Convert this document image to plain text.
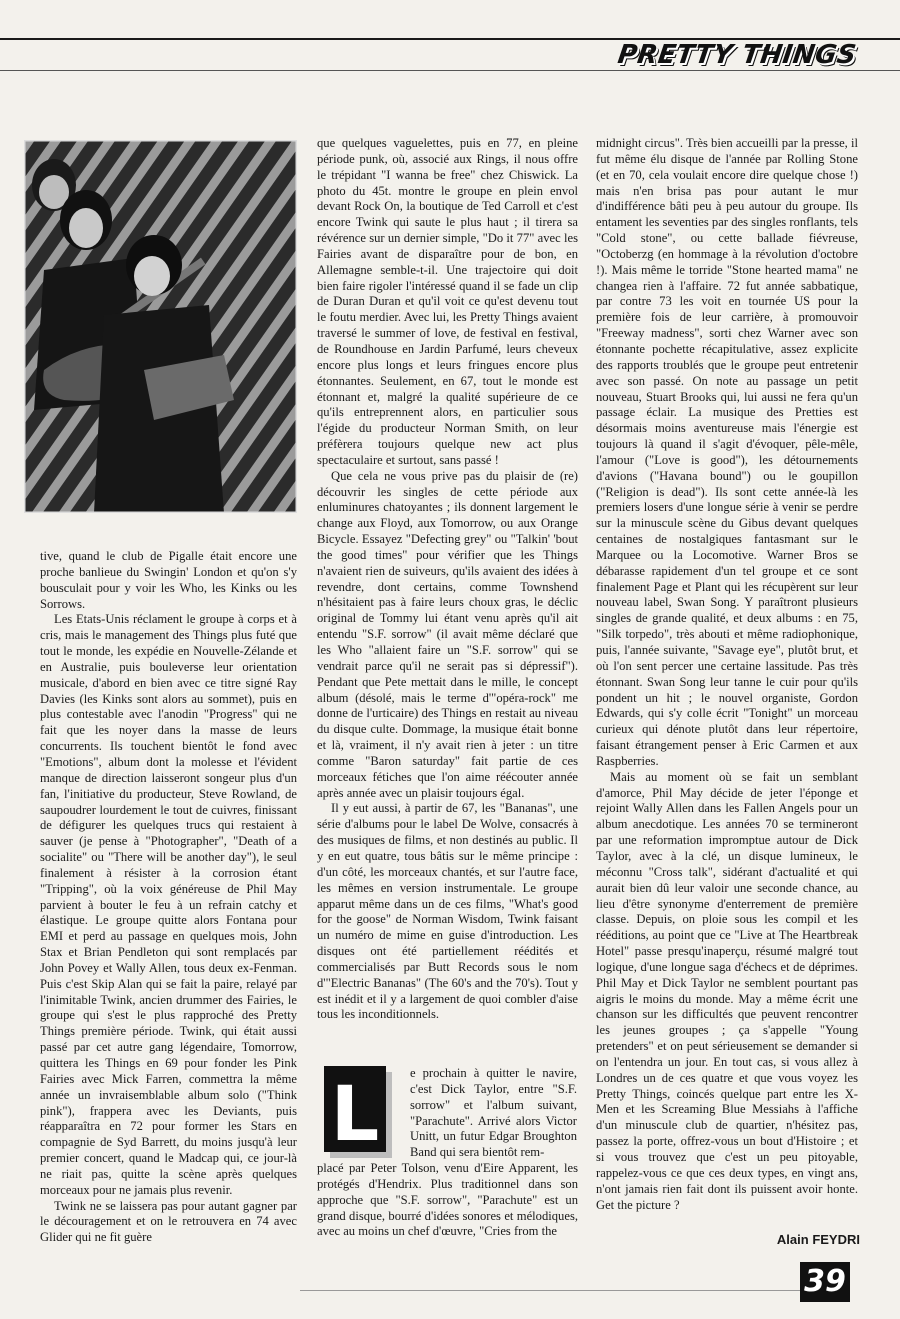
PRETTY THINGS

tive, quand le club de Pigalle était encore une proche banlieue du Swingin' London et qu'on s'y bousculait pour y voir les Who, les Kinks ou les Sorrows.

Les Etats-Unis réclament le groupe à corps et à cris, mais le management des Things plus futé que tout le monde, les expédie en Nouvelle-Zélande et en Australie, puis bouleverse leur orientation musicale, d'abord en bien avec ce titre signé Ray Davies (les Kinks sont alors au sommet), puis en plus contestable avec l'anodin "Progress" qui ne fait que les noyer dans la masse de leurs concurrents. Ils touchent bientôt le fond avec "Emotions", album dont la molesse et l'évident manque de direction laisseront songeur plus d'un fan, l'initiative du producteur, Steve Rowland, de saupoudrer lourdement le tout de cuivres, finissant de défigurer les quelques trucs qui restaient à sauver (je pense à "Photographer", "Death of a socialite" ou "There will be another day"), le seul finalement à résister à la corrosion étant "Tripping", où la voix généreuse de Phil May parvient à bouter le feu à un refrain catchy et élastique. Le groupe quitte alors Fontana pour EMI et perd au passage en quelques mois, John Stax et Brian Pendleton qui sont remplacés par John Povey et Wally Allen, tous deux ex-Fenman. Puis c'est Skip Alan qui se fait la paire, relayé par l'inimitable Twink, ancien drummer des Fairies, le groupe qui s'est le plus rapproché des Pretty Things première période. Twink, qui était aussi passé par cet autre gang légendaire, Tomorrow, quittera les Things en 69 pour fonder les Pink Fairies avec Mick Farren, commettra la même année un invraisemblable album solo ("Think pink"), frappera avec les Deviants, puis réapparaîtra en 72 pour former les Stars en compagnie de Syd Barrett, du moins jusqu'à leur premier concert, quand le Madcap qui, ce jour-là ne riait pas, quitte la scène après quelques morceaux pour ne jamais plus revenir.

Twink ne se laissera pas pour autant gagner par le découragement et on le retrouvera en 74 avec Glider qui ne fit guère

que quelques vaguelettes, puis en 77, en pleine période punk, où, associé aux Rings, il nous offre le trépidant "I wanna be free" chez Chiswick. La photo du 45t. montre le groupe en plein envol devant Rock On, la boutique de Ted Carroll et c'est encore Twink qui saute le plus haut ; il tirera sa révérence sur un dernier simple, "Do it 77" avec les Fairies avant de disparaître pour de bon, en Allemagne semble-t-il. Une trajectoire qui doit bien faire rigoler l'intéressé quand il se fade un clip de Duran Duran et qu'il voit ce qu'est devenu tout le foutu merdier. Avec lui, les Pretty Things avaient traversé le summer of love, de festival en festival, de Roundhouse en Jardin Parfumé, leurs cheveux encore plus longs et leurs fringues encore plus étonnantes. Seulement, en 67, tout le monde est étonnant et, malgré la qualité supérieure de ce qu'ils entreprennent alors, en particulier sous l'égide du producteur Norman Smith, on leur préfèrera toujours quelque new act plus spectaculaire et surtout, sans passé !

Que cela ne vous prive pas du plaisir de (re) découvrir les singles de cette période aux enluminures chatoyantes ; ils donnent largement le change aux Floyd, aux Tomorrow, ou aux Orange Bicycle. Essayez "Defecting grey" ou "Talkin' 'bout the good times" pour vérifier que les Things n'avaient rien de suiveurs, qu'ils avaient des idées à revendre, dont certains, comme Townshend n'hésitaient pas à faire leurs choux gras, le déclic original de Tommy lui étant venu après qu'il ait entendu "S.F. sorrow" (il avait même déclaré que les Who "allaient faire un "S.F. sorrow" qui se vendrait parce qu'il ne serait pas si dépressif"). Pendant que Pete mettait dans le mille, le concept album (désolé, mais le terme d'"opéra-rock" me donne de l'urticaire) des Things en restait au niveau du disque culte. Dommage, la musique était bonne et là, vraiment, il n'y avait rien à jeter : un titre comme "Baron saturday" fait partie de ces morceaux fétiches que l'on aime réécouter année après année avec un plaisir toujours égal.

Il y eut aussi, à partir de 67, les "Bananas", une série d'albums pour le label De Wolve, consacrés à des musiques de films, et non destinés au public. Il y en eut quatre, tous bâtis sur le même principe : d'un côté, les morceaux chantés, et sur l'autre face, les mêmes en version instrumentale. Le groupe apparut même dans un de ces films, "What's good for the goose" de Norman Wisdom, Twink faisant un numéro de mime en guise d'introduction. Les disques ont été partiellement réédités et commercialisés par Butt Records sous le nom d'"Electric Bananas" (The 60's and the 70's). Tout y est inédit et il y a largement de quoi combler d'aise tous les inconditionnels.

L e prochain à quitter le navire, c'est Dick Taylor, entre "S.F. sorrow" et l'album suivant, "Parachute". Arrivé alors Victor Unitt, un futur Edgar Broughton Band qui sera bientôt rem-

placé par Peter Tolson, venu d'Eire Apparent, les protégés d'Hendrix. Plus traditionnel dans son approche que "S.F. sorrow", "Parachute" est un grand disque, bourré d'idées sonores et mélodiques, avec au moins un chef d'œuvre, "Cries from the

midnight circus". Très bien accueilli par la presse, il fut même élu disque de l'année par Rolling Stone (et en 70, cela voulait encore dire quelque chose !) mais n'en brisa pas pour autant le mur d'indifférence bâti peu à peu autour du groupe. Ils entament les seventies par des singles ronflants, tels "Cold stone", ou cette ballade fiévreuse, "Octoberzg (en hommage à la révolution d'octobre !). Mais même le torride "Stone hearted mama" ne changea rien à l'affaire. 72 fut année sabbatique, par contre 73 les voit en tournée US pour la première fois de leur carrière, à promouvoir "Freeway madness", sorti chez Warner avec son étonnante pochette récapitulative, assez explicite des rapports troublés que le groupe peut entretenir avec son passé. On note au passage un petit nouveau, Stuart Brooks qui, lui aussi ne fera qu'un passage éclair. La musique des Pretties est désormais moins aventureuse mais l'énergie est toujours là quand il s'agit d'évoquer, pêle-mêle, l'amour ("Love is good"), les détournements d'avions ("Havana bound") ou le goupillon ("Religion is dead"). Ils sont cette année-là les premiers losers d'une longue série à venir se perdre sur la minuscule scène du Gibus devant quelques centaines de nostalgiques fantasmant sur le Marquee ou la Locomotive. Warner Bros se débarasse rapidement d'un tel groupe et ce sont finalement Page et Plant qui les récupèrent sur leur nouveau label, Swan Song. Y paraîtront plusieurs singles de grande qualité, et deux albums : en 75, "Silk torpedo", très abouti et même radiophonique, puis, l'année suivante, "Savage eye", plutôt brut, et où l'on sent percer une certaine lassitude. Pas très étonnant. Swan Song leur tanne le cuir pour qu'ils pondent un hit ; le nouvel organiste, Gordon Edwards, qui s'y colle écrit "Tonight" un morceau curieux qui dénote plutôt dans leur répertoire, faisant étrangement penser à Eric Carmen et aux Raspberries.

Mais au moment où se fait un semblant d'amorce, Phil May décide de jeter l'éponge et rejoint Wally Allen dans les Fallen Angels pour un album anecdotique. Les années 70 se termineront par une reformation impromptue autour de Dick Taylor, avec à la clé, un disque lumineux, le méconnu "Cross talk", sidérant d'actualité et qui aurait bien dû leur valoir une seconde chance, au lieu d'être synonyme d'enterrement de première classe. Depuis, on ploie sous les compil et les rééditions, au point que ce "Live at The Heartbreak Hotel" passe presqu'inaperçu, résumé malgré tout logique, d'une longue saga d'échecs et de déprimes. Phil May et Dick Taylor ne semblent pourtant pas aigris le moins du monde. May a même écrit une chanson sur les difficultés que peuvent rencontrer les jeunes groupes ; ça s'appelle "Young pretenders" et on peut sérieusement se demander si on l'entendra un jour. En tout cas, si vous allez à Londres un de ces quatre et que vous voyez les Pretty Things, coincés quelque part entre les X-Men et les Screaming Blue Messiahs à l'affiche d'un minuscule club de quartier, n'hésitez pas, passez la porte, offrez-vous un bout d'Histoire ; et si vous trouvez que c'est un peu pitoyable, rappelez-vous ce que ces deux types, en vingt ans, n'ont jamais rien fait dont ils puissent avoir honte. Get the picture ?

Alain FEYDRI
39
